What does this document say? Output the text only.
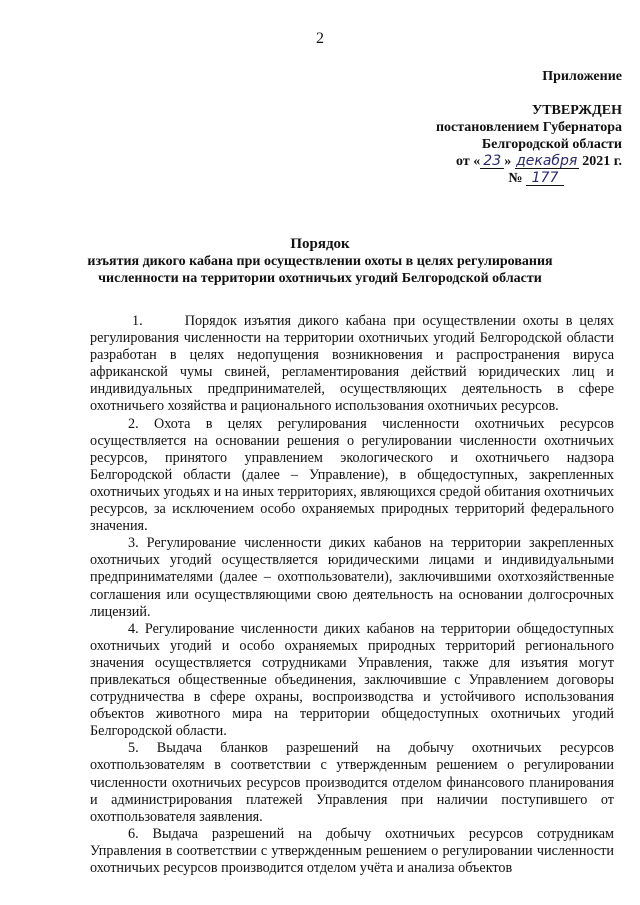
2
Приложение
УТВЕРЖДЕН
постановлением Губернатора
Белгородской области
от « 23 » декабря 2021 г.
№ 177
Порядок
изъятия дикого кабана при осуществлении охоты в целях регулирования
численности на территории охотничьих угодий Белгородской области

1.      Порядок изъятия дикого кабана при осуществлении охоты в целях регулирования численности на территории охотничьих угодий Белгородской области разработан в целях недопущения возникновения и распространения вируса африканской чумы свиней, регламентирования действий юридических лиц и индивидуальных предпринимателей, осуществляющих деятельность в сфере охотничьего хозяйства и рационального использования охотничьих ресурсов.

2. Охота в целях регулирования численности охотничьих ресурсов осуществляется на основании решения о регулировании численности охотничьих ресурсов, принятого управлением экологического и охотничьего надзора Белгородской области (далее – Управление), в общедоступных, закрепленных охотничьих угодьях и на иных территориях, являющихся средой обитания охотничьих ресурсов, за исключением особо охраняемых природных территорий федерального значения.

3. Регулирование численности диких кабанов на территории закрепленных охотничьих угодий осуществляется юридическими лицами и индивидуальными предпринимателями (далее – охотпользователи), заключившими охотхозяйственные соглашения или осуществляющими свою деятельность на основании долгосрочных лицензий.

4. Регулирование численности диких кабанов на территории общедоступных охотничьих угодий и особо охраняемых природных территорий регионального значения осуществляется сотрудниками Управления, также для изъятия могут привлекаться общественные объединения, заключившие с Управлением договоры сотрудничества в сфере охраны, воспроизводства и устойчивого использования объектов животного мира на территории общедоступных охотничьих угодий Белгородской области.

5. Выдача бланков разрешений на добычу охотничьих ресурсов охотпользователям в соответствии с утвержденным решением о регулировании численности охотничьих ресурсов производится отделом финансового планирования и администрирования платежей Управления при наличии поступившего от охотпользователя заявления.

6. Выдача разрешений на добычу охотничьих ресурсов сотрудникам Управления в соответствии с утвержденным решением о регулировании численности охотничьих ресурсов производится отделом учёта и анализа объектов
